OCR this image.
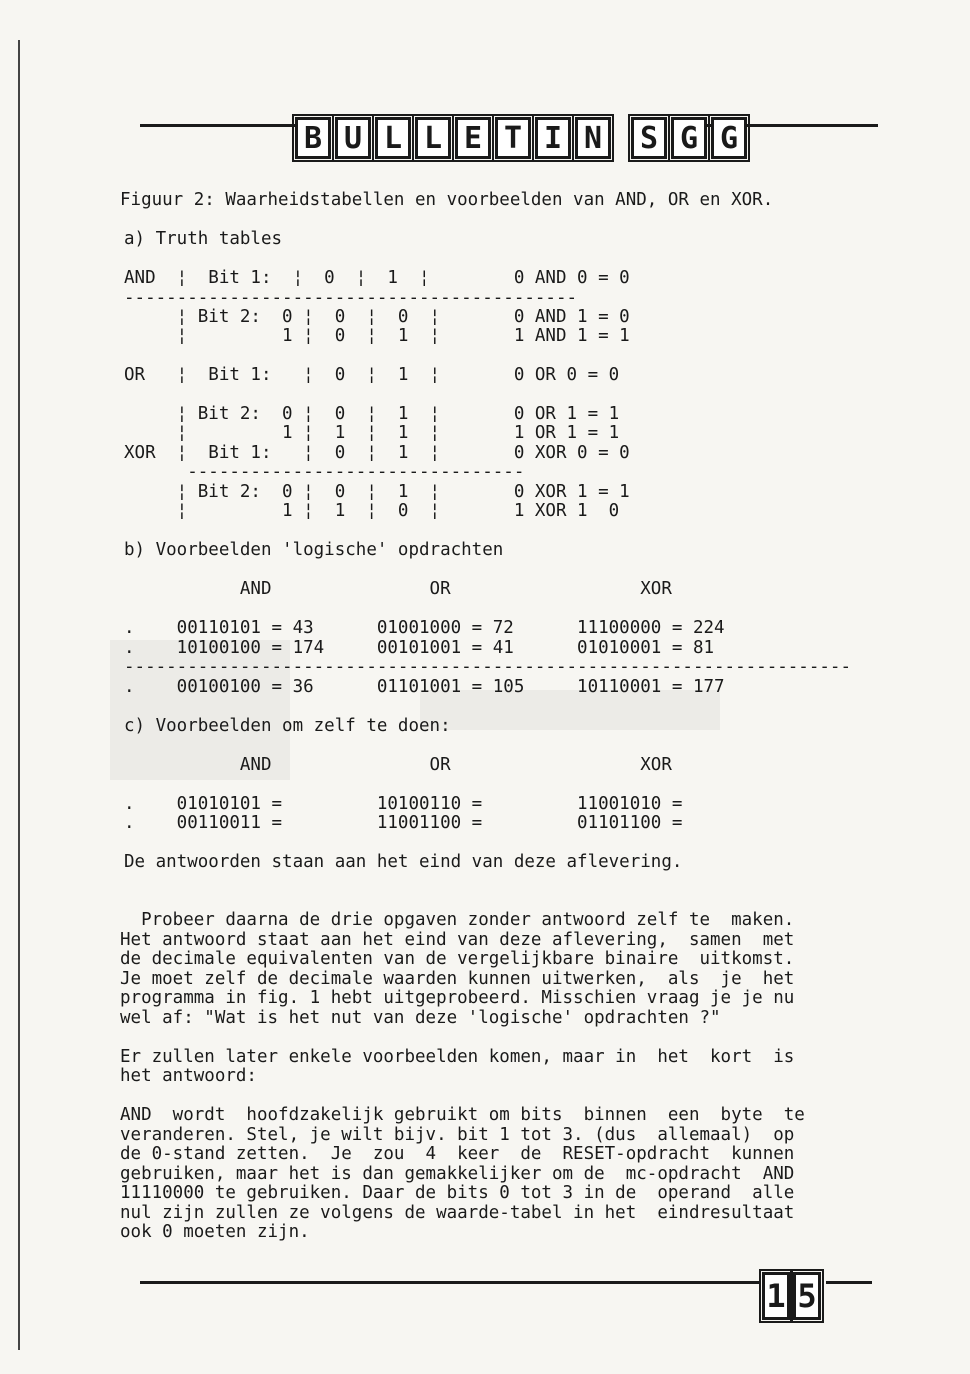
B U L L E T I N S G G
Figuur 2: Waarheidstabellen en voorbeelden van AND, OR en XOR.
a) Truth tables
AND  ¦  Bit 1:  ¦  0  ¦  1  ¦        0 AND 0 = 0
-------------------------------------------
¦ Bit 2:  0 ¦  0  ¦  0  ¦       0 AND 1 = 0
¦         1 ¦  0  ¦  1  ¦       1 AND 1 = 1
OR   ¦  Bit 1:   ¦  0  ¦  1  ¦       0 OR 0 = 0
¦ Bit 2:  0 ¦  0  ¦  1  ¦       0 OR 1 = 1
¦         1 ¦  1  ¦  1  ¦       1 OR 1 = 1
XOR  ¦  Bit 1:   ¦  0  ¦  1  ¦       0 XOR 0 = 0
--------------------------------
¦ Bit 2:  0 ¦  0  ¦  1  ¦       0 XOR 1 = 1
¦         1 ¦  1  ¦  0  ¦       1 XOR 1  0
b) Voorbeelden 'logische' opdrachten
AND               OR                  XOR
.    00110101 = 43      01001000 = 72      11100000 = 224
.    10100100 = 174     00101001 = 41      01010001 = 81
---------------------------------------------------------------------
.    00100100 = 36      01101001 = 105     10110001 = 177
c) Voorbeelden om zelf te doen:
AND               OR                  XOR
.    01010101 =         10100110 =         11001010 =
.    00110011 =         11001100 =         01101100 =
De antwoorden staan aan het eind van deze aflevering.
Probeer daarna de drie opgaven zonder antwoord zelf te  maken.
Het antwoord staat aan het eind van deze aflevering,  samen  met
de decimale equivalenten van de vergelijkbare binaire  uitkomst.
Je moet zelf de decimale waarden kunnen uitwerken,  als  je  het
programma in fig. 1 hebt uitgeprobeerd. Misschien vraag je je nu
wel af: "Wat is het nut van deze 'logische' opdrachten ?"
Er zullen later enkele voorbeelden komen, maar in  het  kort  is
het antwoord:
AND  wordt  hoofdzakelijk gebruikt om bits  binnen  een  byte  te
veranderen. Stel, je wilt bijv. bit 1 tot 3. (dus  allemaal)  op
de 0-stand zetten.  Je  zou  4  keer  de  RESET-opdracht  kunnen
gebruiken, maar het is dan gemakkelijker om de  mc-opdracht  AND
11110000 te gebruiken. Daar de bits 0 tot 3 in de  operand  alle
nul zijn zullen ze volgens de waarde-tabel in het  eindresultaat
ook 0 moeten zijn.
1 5
